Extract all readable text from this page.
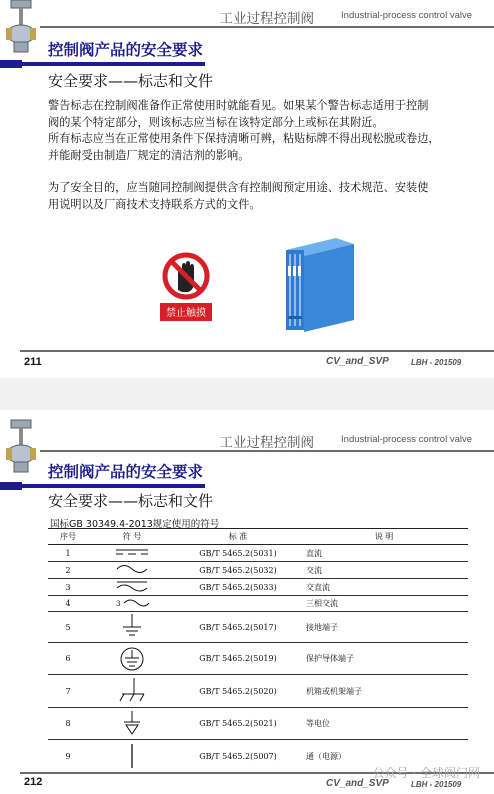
工业过程控制阀	Industrial-process control valve
控制阀产品的安全要求
安全要求——标志和文件
警告标志在控制阀准备作正常使用时就能看见。如果某个警告标志适用于控制
阀的某个特定部分，则该标志应当标在该特定部分上或标在其附近。
所有标志应当在正常使用条件下保持清晰可辨，粘贴标牌不得出现松脱或卷边，
并能耐受由制造厂规定的清洁剂的影响。
为了安全目的，应当随同控制阀提供含有控制阀预定用途、技术规范、安装使
用说明以及厂商技术支持联系方式的文件。
禁止触摸
211	CV_and_SVP	LBH - 201509
工业过程控制阀	Industrial-process control valve
控制阀产品的安全要求
安全要求——标志和文件
国标GB 30349.4-2013规定使用的符号
序号	符 号	标 准	说 明
1		GB/T 5465.2(5031)	直流
2		GB/T 5465.2(5032)	交流
3		GB/T 5465.2(5033)	交直流
4	3		三相交流
5		GB/T 5465.2(5017)	接地端子
6		GB/T 5465.2(5019)	保护导体端子
7		GB/T 5465.2(5020)	机箱或机架端子
8		GB/T 5465.2(5021)	等电位
9		GB/T 5465.2(5007)	通（电源）
212	CV_and_SVP	LBH - 201509
公众号 · 全球阀门网
